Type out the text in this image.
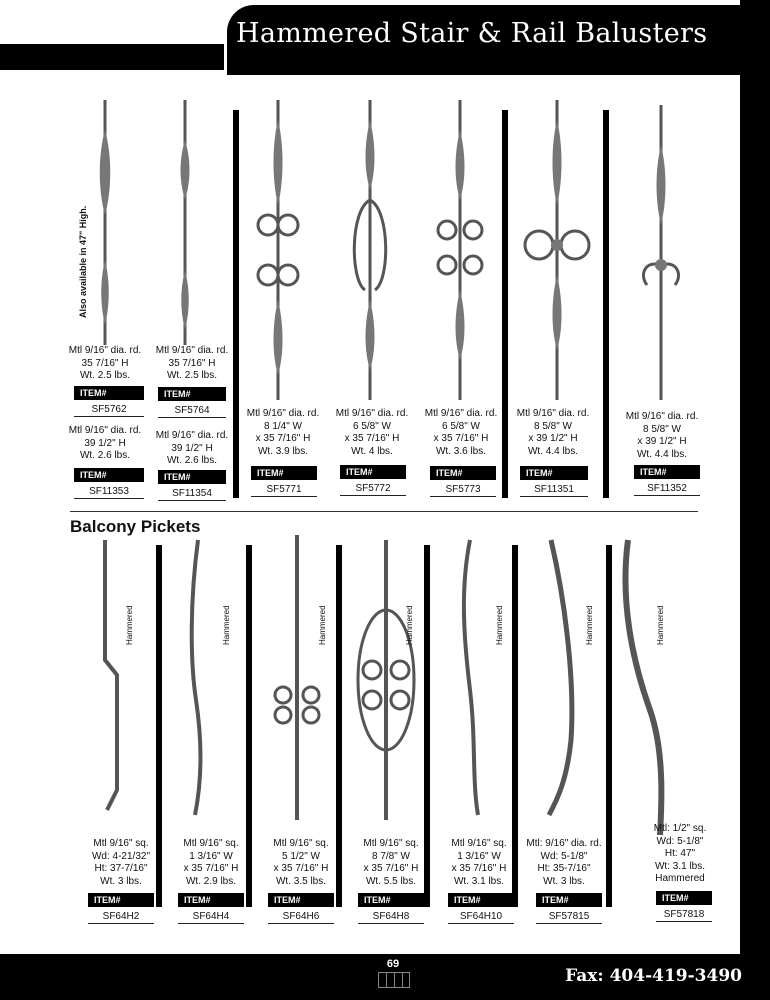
Hammered Stair & Rail Balusters
Also available in 47" High.
Mtl 9/16" dia. rd.
35 7/16" H
Wt. 2.5 lbs.
ITEM#
SF5762
Mtl 9/16" dia. rd.
39 1/2" H
Wt. 2.6 lbs.
ITEM#
SF11353
Mtl 9/16" dia. rd.
35 7/16" H
Wt. 2.5 lbs.
ITEM#
SF5764
Mtl 9/16" dia. rd.
39 1/2" H
Wt. 2.6 lbs.
ITEM#
SF11354
Mtl 9/16" dia. rd.
8 1/4" W
x 35 7/16" H
Wt. 3.9 lbs.
ITEM#
SF5771
Mtl 9/16" dia. rd.
6 5/8" W
x 35 7/16" H
Wt. 4 lbs.
ITEM#
SF5772
Mtl 9/16" dia. rd.
6 5/8" W
x 35 7/16" H
Wt. 3.6 lbs.
ITEM#
SF5773
Mtl 9/16" dia. rd.
8 5/8" W
x 39 1/2" H
Wt. 4.4 lbs.
ITEM#
SF11351
Mtl 9/16" dia. rd.
8 5/8" W
x 39 1/2" H
Wt. 4.4 lbs.
ITEM#
SF11352
Balcony Pickets
Hammered	Hammered	Hammered	Hammered	Hammered	Hammered	Hammered
Mtl 9/16" sq.
Wd: 4-21/32"
Ht: 37-7/16"
Wt. 3 lbs.
ITEM#
SF64H2
Mtl 9/16" sq.
1 3/16" W
x 35 7/16" H
Wt. 2.9 lbs.
ITEM#
SF64H4
Mtl 9/16" sq.
5 1/2" W
x 35 7/16" H
Wt. 3.5 lbs.
ITEM#
SF64H6
Mtl 9/16" sq.
8 7/8" W
x 35 7/16" H
Wt. 5.5 lbs.
ITEM#
SF64H8
Mtl 9/16" sq.
1 3/16" W
x 35 7/16" H
Wt. 3.1 lbs.
ITEM#
SF64H10
Mtl: 9/16" dia. rd.
Wd: 5-1/8"
Ht: 35-7/16"
Wt. 3 lbs.
ITEM#
SF57815
Mtl: 1/2" sq.
Wd: 5-1/8"
Ht: 47"
Wt: 3.1 lbs.
Hammered
ITEM#
SF57818
69
Fax: 404-419-3490
